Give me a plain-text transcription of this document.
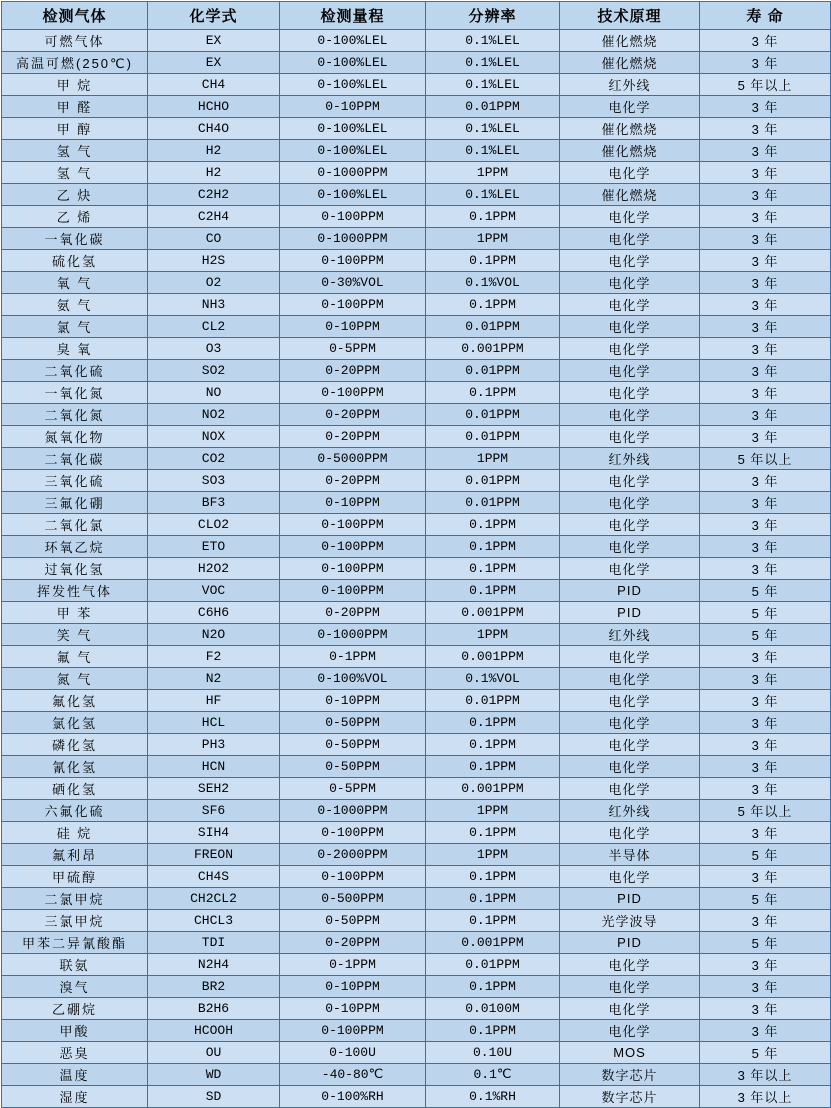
检测气体	化学式	检测量程	分辨率	技术原理	寿 命
可燃气体	EX	0-100%LEL	0.1%LEL	催化燃烧	3 年
高温可燃(250℃)	EX	0-100%LEL	0.1%LEL	催化燃烧	3 年
甲 烷	CH4	0-100%LEL	0.1%LEL	红外线	5 年以上
甲 醛	HCHO	0-10PPM	0.01PPM	电化学	3 年
甲 醇	CH4O	0-100%LEL	0.1%LEL	催化燃烧	3 年
氢 气	H2	0-100%LEL	0.1%LEL	催化燃烧	3 年
氢 气	H2	0-1000PPM	1PPM	电化学	3 年
乙 炔	C2H2	0-100%LEL	0.1%LEL	催化燃烧	3 年
乙 烯	C2H4	0-100PPM	0.1PPM	电化学	3 年
一氧化碳	CO	0-1000PPM	1PPM	电化学	3 年
硫化氢	H2S	0-100PPM	0.1PPM	电化学	3 年
氧 气	O2	0-30%VOL	0.1%VOL	电化学	3 年
氨 气	NH3	0-100PPM	0.1PPM	电化学	3 年
氯 气	CL2	0-10PPM	0.01PPM	电化学	3 年
臭 氧	O3	0-5PPM	0.001PPM	电化学	3 年
二氧化硫	SO2	0-20PPM	0.01PPM	电化学	3 年
一氧化氮	NO	0-100PPM	0.1PPM	电化学	3 年
二氧化氮	NO2	0-20PPM	0.01PPM	电化学	3 年
氮氧化物	NOX	0-20PPM	0.01PPM	电化学	3 年
二氧化碳	CO2	0-5000PPM	1PPM	红外线	5 年以上
三氧化硫	SO3	0-20PPM	0.01PPM	电化学	3 年
三氟化硼	BF3	0-10PPM	0.01PPM	电化学	3 年
二氧化氯	CLO2	0-100PPM	0.1PPM	电化学	3 年
环氧乙烷	ETO	0-100PPM	0.1PPM	电化学	3 年
过氧化氢	H2O2	0-100PPM	0.1PPM	电化学	3 年
挥发性气体	VOC	0-100PPM	0.1PPM	PID	5 年
甲 苯	C6H6	0-20PPM	0.001PPM	PID	5 年
笑 气	N2O	0-1000PPM	1PPM	红外线	5 年
氟 气	F2	0-1PPM	0.001PPM	电化学	3 年
氮 气	N2	0-100%VOL	0.1%VOL	电化学	3 年
氟化氢	HF	0-10PPM	0.01PPM	电化学	3 年
氯化氢	HCL	0-50PPM	0.1PPM	电化学	3 年
磷化氢	PH3	0-50PPM	0.1PPM	电化学	3 年
氰化氢	HCN	0-50PPM	0.1PPM	电化学	3 年
硒化氢	SEH2	0-5PPM	0.001PPM	电化学	3 年
六氟化硫	SF6	0-1000PPM	1PPM	红外线	5 年以上
硅 烷	SIH4	0-100PPM	0.1PPM	电化学	3 年
氟利昂	FREON	0-2000PPM	1PPM	半导体	5 年
甲硫醇	CH4S	0-100PPM	0.1PPM	电化学	3 年
二氯甲烷	CH2CL2	0-500PPM	0.1PPM	PID	5 年
三氯甲烷	CHCL3	0-50PPM	0.1PPM	光学波导	3 年
甲苯二异氰酸酯	TDI	0-20PPM	0.001PPM	PID	5 年
联氨	N2H4	0-1PPM	0.01PPM	电化学	3 年
溴气	BR2	0-10PPM	0.1PPM	电化学	3 年
乙硼烷	B2H6	0-10PPM	0.0100M	电化学	3 年
甲酸	HCOOH	0-100PPM	0.1PPM	电化学	3 年
恶臭	OU	0-100U	0.10U	MOS	5 年
温度	WD	-40-80℃	0.1℃	数字芯片	3 年以上
湿度	SD	0-100%RH	0.1%RH	数字芯片	3 年以上
